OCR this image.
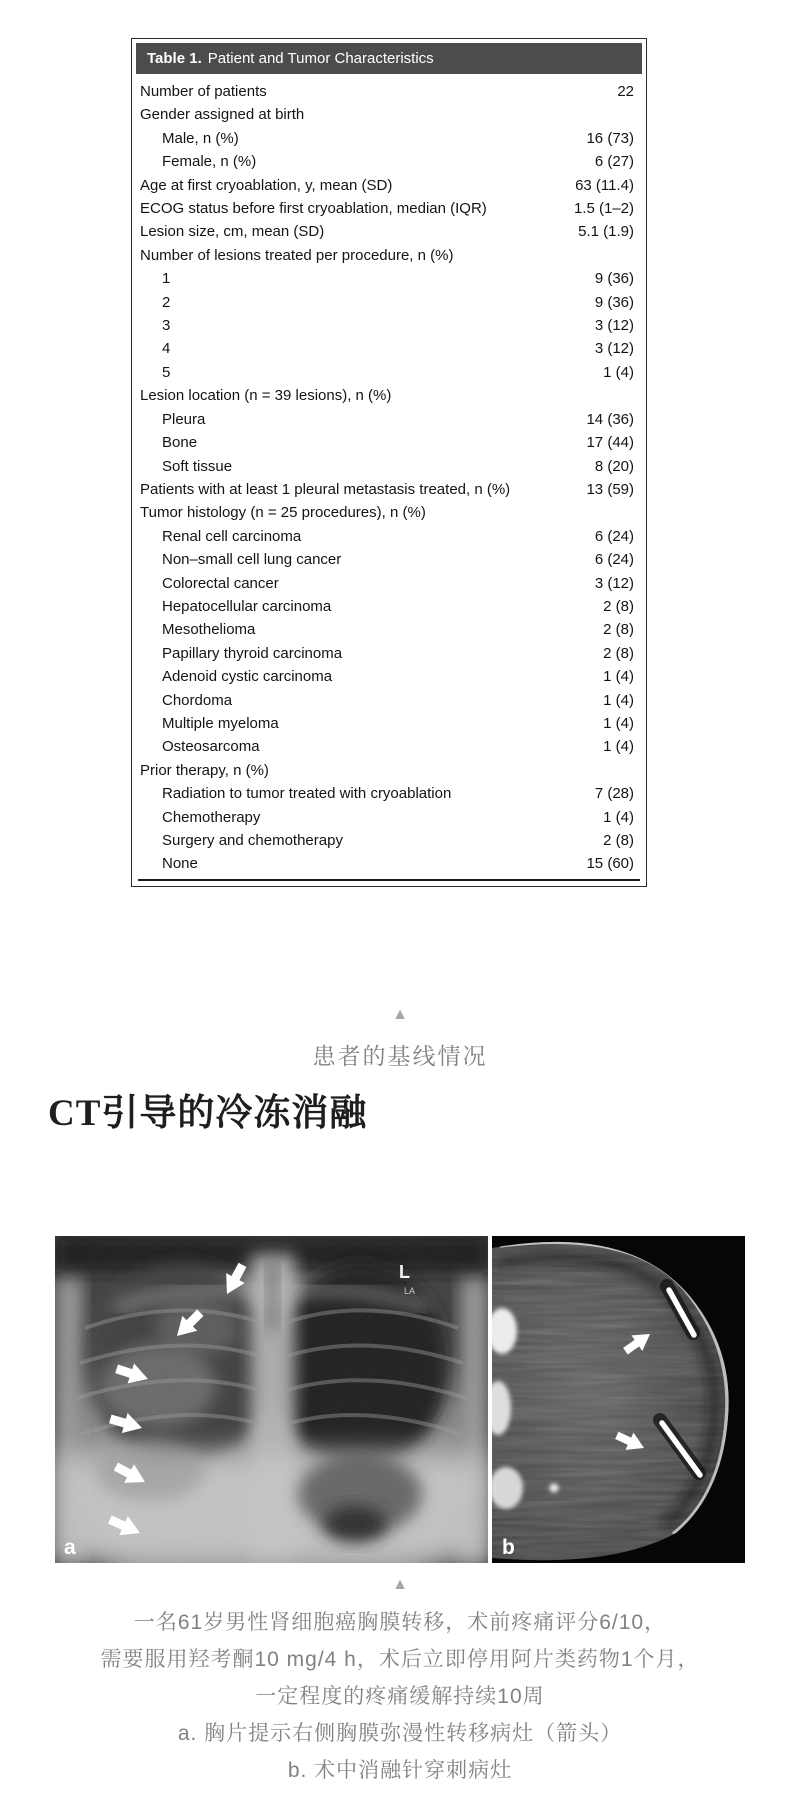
Table 1. Patient and Tumor Characteristics
Number of patients	22
Gender assigned at birth
Male, n (%)	16 (73)
Female, n (%)	6 (27)
Age at first cryoablation, y, mean (SD)	63 (11.4)
ECOG status before first cryoablation, median (IQR)	1.5 (1–2)
Lesion size, cm, mean (SD)	5.1 (1.9)
Number of lesions treated per procedure, n (%)
1	9 (36)
2	9 (36)
3	3 (12)
4	3 (12)
5	1 (4)
Lesion location (n = 39 lesions), n (%)
Pleura	14 (36)
Bone	17 (44)
Soft tissue	8 (20)
Patients with at least 1 pleural metastasis treated, n (%)	13 (59)
Tumor histology (n = 25 procedures), n (%)
Renal cell carcinoma	6 (24)
Non–small cell lung cancer	6 (24)
Colorectal cancer	3 (12)
Hepatocellular carcinoma	2 (8)
Mesothelioma	2 (8)
Papillary thyroid carcinoma	2 (8)
Adenoid cystic carcinoma	1 (4)
Chordoma	1 (4)
Multiple myeloma	1 (4)
Osteosarcoma	1 (4)
Prior therapy, n (%)
Radiation to tumor treated with cryoablation	7 (28)
Chemotherapy	1 (4)
Surgery and chemotherapy	2 (8)
None	15 (60)
▲
患者的基线情况
CT引导的冷冻消融
L
LA
a	b
▲
一名61岁男性肾细胞癌胸膜转移，术前疼痛评分6/10，
需要服用羟考酮10 mg/4 h，术后立即停用阿片类药物1个月，
一定程度的疼痛缓解持续10周
a. 胸片提示右侧胸膜弥漫性转移病灶（箭头）
b. 术中消融针穿刺病灶
